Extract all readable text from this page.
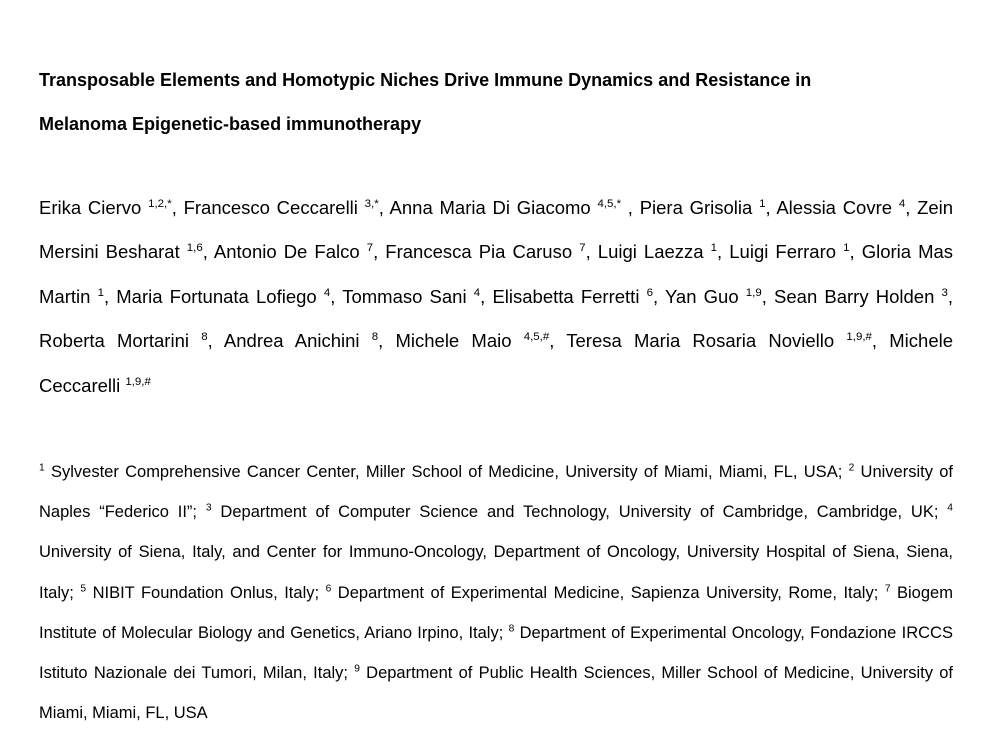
Transposable Elements and Homotypic Niches Drive Immune Dynamics and Resistance in
Melanoma Epigenetic-based immunotherapy

Erika Ciervo $^{1,2,*}$, Francesco Ceccarelli $^{3,*}$, Anna Maria Di Giacomo $^{4,5,*}$ , Piera Grisolia $^1$, Alessia Covre $^4$, Zein Mersini Besharat $^{1,6}$, Antonio De Falco $^7$, Francesca Pia Caruso $^7$, Luigi Laezza $^1$, Luigi Ferraro $^1$, Gloria Mas Martin $^1$, Maria Fortunata Lofiego $^4$, Tommaso Sani $^4$, Elisabetta Ferretti $^6$, Yan Guo $^{1,9}$, Sean Barry Holden $^3$, Roberta Mortarini $^8$, Andrea Anichini $^8$, Michele Maio $^{4,5,\#}$, Teresa Maria Rosaria Noviello $^{1,9,\#}$, Michele Ceccarelli $^{1,9,\#}$

$^1$ Sylvester Comprehensive Cancer Center, Miller School of Medicine, University of Miami, Miami, FL, USA; $^2$ University of Naples “Federico II”; $^3$ Department of Computer Science and Technology, University of Cambridge, Cambridge, UK; $^4$ University of Siena, Italy, and Center for Immuno-Oncology, Department of Oncology, University Hospital of Siena, Siena, Italy; $^5$ NIBIT Foundation Onlus, Italy; $^6$ Department of Experimental Medicine, Sapienza University, Rome, Italy; $^7$ Biogem Institute of Molecular Biology and Genetics, Ariano Irpino, Italy; $^8$ Department of Experimental Oncology, Fondazione IRCCS Istituto Nazionale dei Tumori, Milan, Italy; $^9$ Department of Public Health Sciences, Miller School of Medicine, University of Miami, Miami, FL, USA
